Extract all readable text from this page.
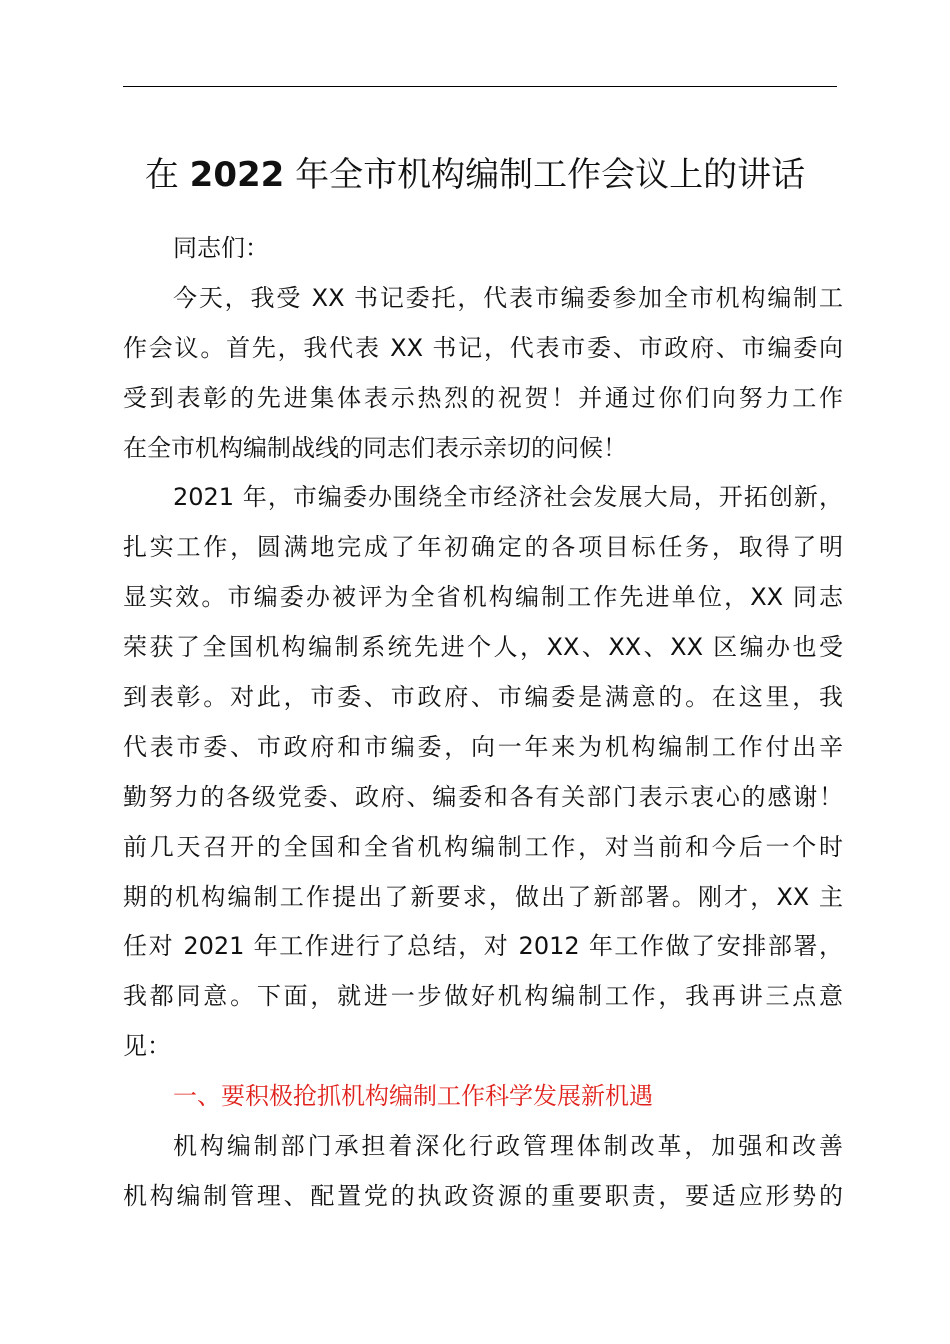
在 2022 年全市机构编制工作会议上的讲话
同志们：
今天，我受 XX 书记委托，代表市编委参加全市机构编制工
作会议。首先，我代表 XX 书记，代表市委、市政府、市编委向
受到表彰的先进集体表示热烈的祝贺！并通过你们向努力工作
在全市机构编制战线的同志们表示亲切的问候！
2021 年，市编委办围绕全市经济社会发展大局，开拓创新，
扎实工作，圆满地完成了年初确定的各项目标任务，取得了明
显实效。市编委办被评为全省机构编制工作先进单位，XX 同志
荣获了全国机构编制系统先进个人，XX、XX、XX 区编办也受
到表彰。对此，市委、市政府、市编委是满意的。在这里，我
代表市委、市政府和市编委，向一年来为机构编制工作付出辛
勤努力的各级党委、政府、编委和各有关部门表示衷心的感谢！
前几天召开的全国和全省机构编制工作，对当前和今后一个时
期的机构编制工作提出了新要求，做出了新部署。刚才，XX 主
任对 2021 年工作进行了总结，对 2012 年工作做了安排部署，
我都同意。下面，就进一步做好机构编制工作，我再讲三点意
见：
一、要积极抢抓机构编制工作科学发展新机遇
机构编制部门承担着深化行政管理体制改革，加强和改善
机构编制管理、配置党的执政资源的重要职责，要适应形势的
